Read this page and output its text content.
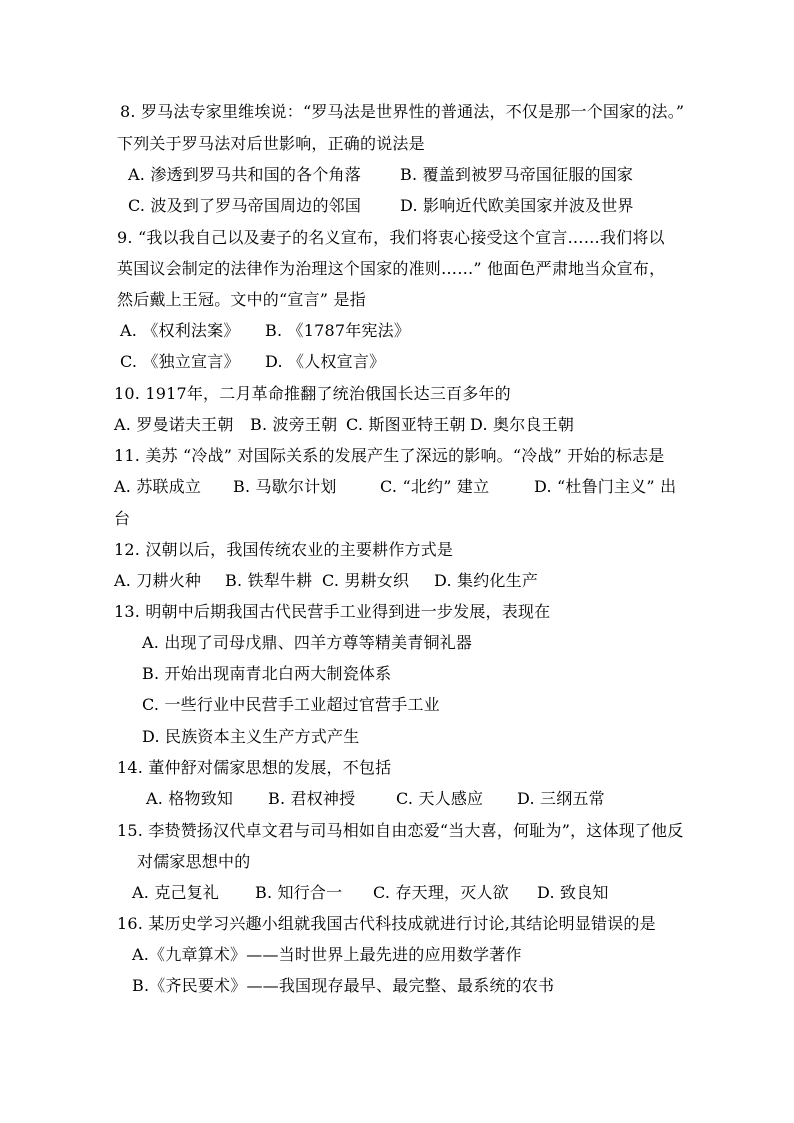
8. 罗马法专家里维埃说：“罗马法是世界性的普通法，不仅是那一个国家的法。”
下列关于罗马法对后世影响，正确的说法是
A. 渗透到罗马共和国的各个角落 B. 覆盖到被罗马帝国征服的国家
C. 波及到了罗马帝国周边的邻国 D. 影响近代欧美国家并波及世界
9. “我以我自己以及妻子的名义宣布，我们将衷心接受这个宣言……我们将以
英国议会制定的法律作为治理这个国家的准则……” 他面色严肃地当众宣布，
然后戴上王冠。文中的“宣言” 是指
A. 《权利法案》 B. 《1787年宪法》
C. 《独立宣言》 D. 《人权宣言》
10. 1917年，二月革命推翻了统治俄国长达三百多年的
A. 罗曼诺夫王朝 B. 波旁王朝 C. 斯图亚特王朝 D. 奥尔良王朝
11. 美苏 “冷战” 对国际关系的发展产生了深远的影响。“冷战” 开始的标志是
A. 苏联成立 B. 马歇尔计划	C. “北约” 建立	D. “杜鲁门主义” 出
台
12. 汉朝以后，我国传统农业的主要耕作方式是
A. 刀耕火种 B. 铁犁牛耕 C. 男耕女织 D. 集约化生产
13. 明朝中后期我国古代民营手工业得到进一步发展，表现在
A. 出现了司母戊鼎、四羊方尊等精美青铜礼器
B. 开始出现南青北白两大制瓷体系
C. 一些行业中民营手工业超过官营手工业
D. 民族资本主义生产方式产生
14. 董仲舒对儒家思想的发展，不包括
A. 格物致知 B. 君权神授	C. 天人感应 D. 三纲五常
15. 李贽赞扬汉代卓文君与司马相如自由恋爱“当大喜，何耻为”，这体现了他反
对儒家思想中的
A. 克己复礼 B. 知行合一 C. 存天理，灭人欲 D. 致良知
16. 某历史学习兴趣小组就我国古代科技成就进行讨论,其结论明显错误的是
A.《九章算术》——当时世界上最先进的应用数学著作
B.《齐民要术》——我国现存最早、最完整、最系统的农书
